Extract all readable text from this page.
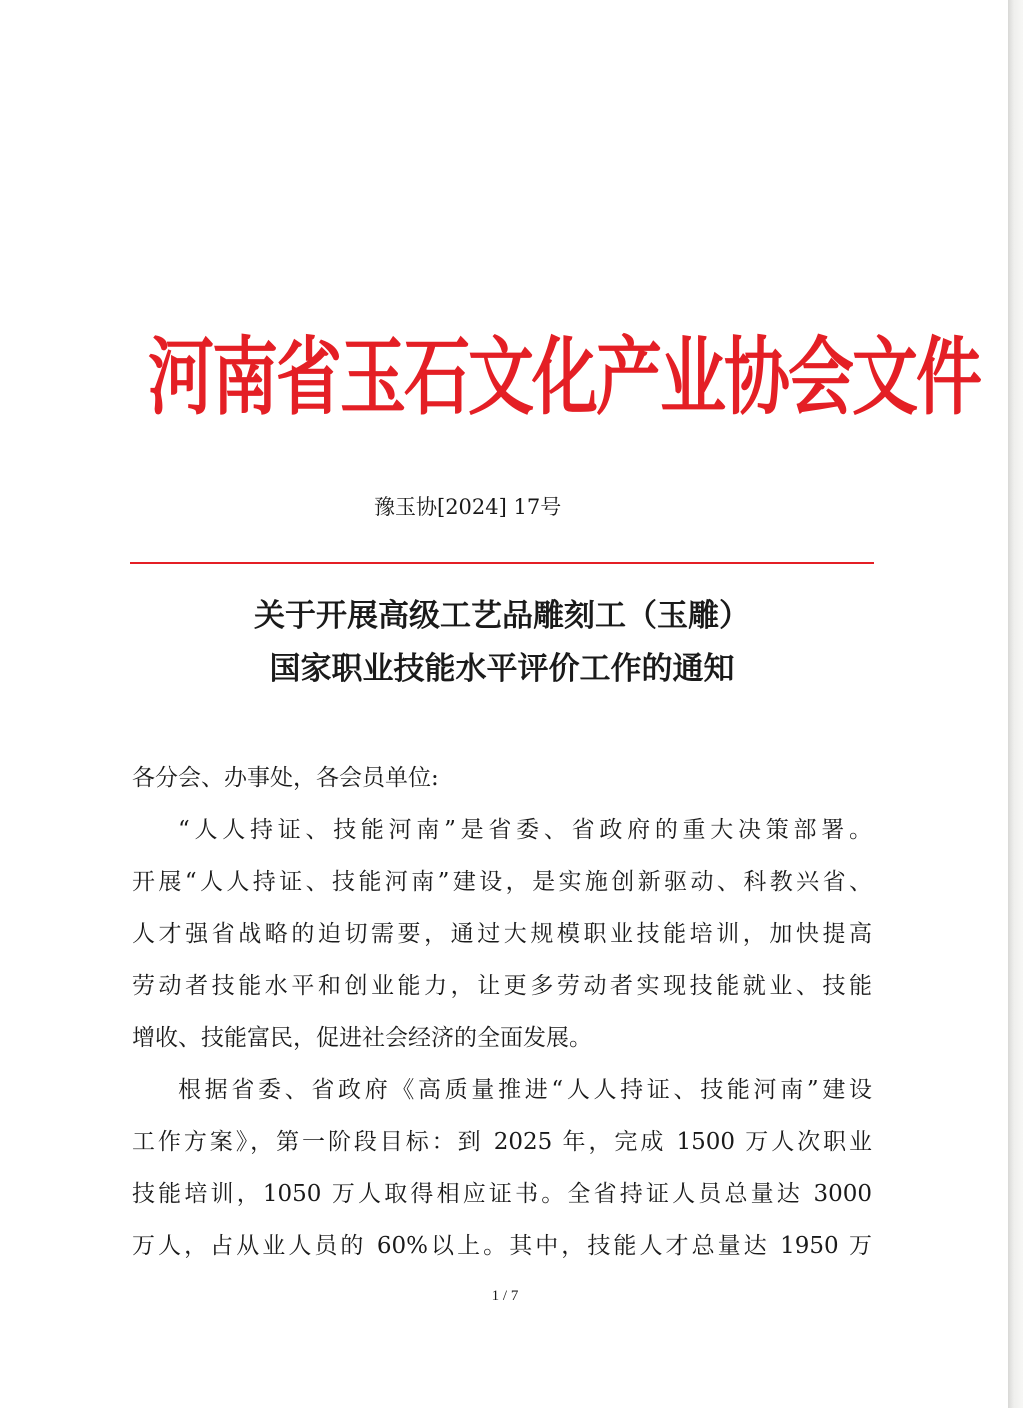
河南省玉石文化产业协会文件
豫玉协[2024] 17号
关于开展高级工艺品雕刻工（玉雕）
国家职业技能水平评价工作的通知
各分会、办事处，各会员单位:
“人人持证、技能河南”是省委、省政府的重大决策部署。
开展“人人持证、技能河南”建设，是实施创新驱动、科教兴省、
人才强省战略的迫切需要，通过大规模职业技能培训，加快提高
劳动者技能水平和创业能力，让更多劳动者实现技能就业、技能
增收、技能富民，促进社会经济的全面发展。
根据省委、省政府《高质量推进“人人持证、技能河南”建设
工作方案》，第一阶段目标：到 2025 年，完成 1500 万人次职业
技能培训，1050 万人取得相应证书。全省持证人员总量达 3000
万人，占从业人员的 60%以上。其中，技能人才总量达 1950 万
1 / 7
